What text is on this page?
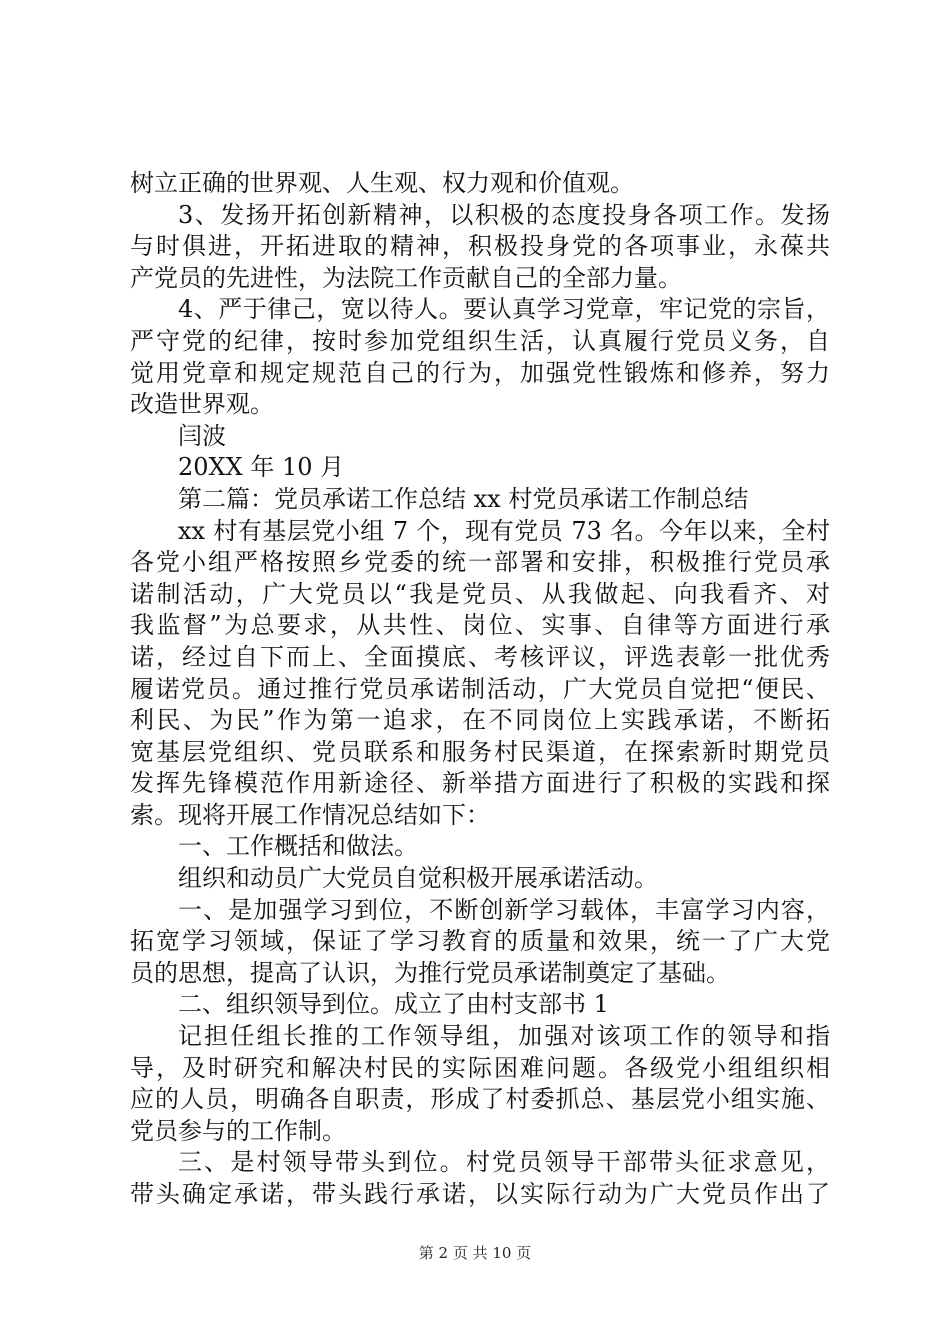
树立正确的世界观、人生观、权力观和价值观。
3、发扬开拓创新精神，以积极的态度投身各项工作。发扬
与时俱进，开拓进取的精神，积极投身党的各项事业，永葆共
产党员的先进性，为法院工作贡献自己的全部力量。
4、严于律己，宽以待人。要认真学习党章，牢记党的宗旨，
严守党的纪律，按时参加党组织生活，认真履行党员义务，自
觉用党章和规定规范自己的行为，加强党性锻炼和修养，努力
改造世界观。
闫波
20XX 年 10 月
第二篇：党员承诺工作总结 xx 村党员承诺工作制总结
xx 村有基层党小组 7 个，现有党员 73 名。今年以来，全村
各党小组严格按照乡党委的统一部署和安排，积极推行党员承
诺制活动，广大党员以“我是党员、从我做起、向我看齐、对
我监督”为总要求，从共性、岗位、实事、自律等方面进行承
诺，经过自下而上、全面摸底、考核评议，评选表彰一批优秀
履诺党员。通过推行党员承诺制活动，广大党员自觉把“便民、
利民、为民”作为第一追求，在不同岗位上实践承诺，不断拓
宽基层党组织、党员联系和服务村民渠道，在探索新时期党员
发挥先锋模范作用新途径、新举措方面进行了积极的实践和探
索。现将开展工作情况总结如下：
一、工作概括和做法。
组织和动员广大党员自觉积极开展承诺活动。
一、是加强学习到位，不断创新学习载体，丰富学习内容，
拓宽学习领域，保证了学习教育的质量和效果，统一了广大党
员的思想，提高了认识，为推行党员承诺制奠定了基础。
二、组织领导到位。成立了由村支部书 1
记担任组长推的工作领导组，加强对该项工作的领导和指
导，及时研究和解决村民的实际困难问题。各级党小组组织相
应的人员，明确各自职责，形成了村委抓总、基层党小组实施、
党员参与的工作制。
三、是村领导带头到位。村党员领导干部带头征求意见，
带头确定承诺，带头践行承诺，以实际行动为广大党员作出了
第 2 页 共 10 页
